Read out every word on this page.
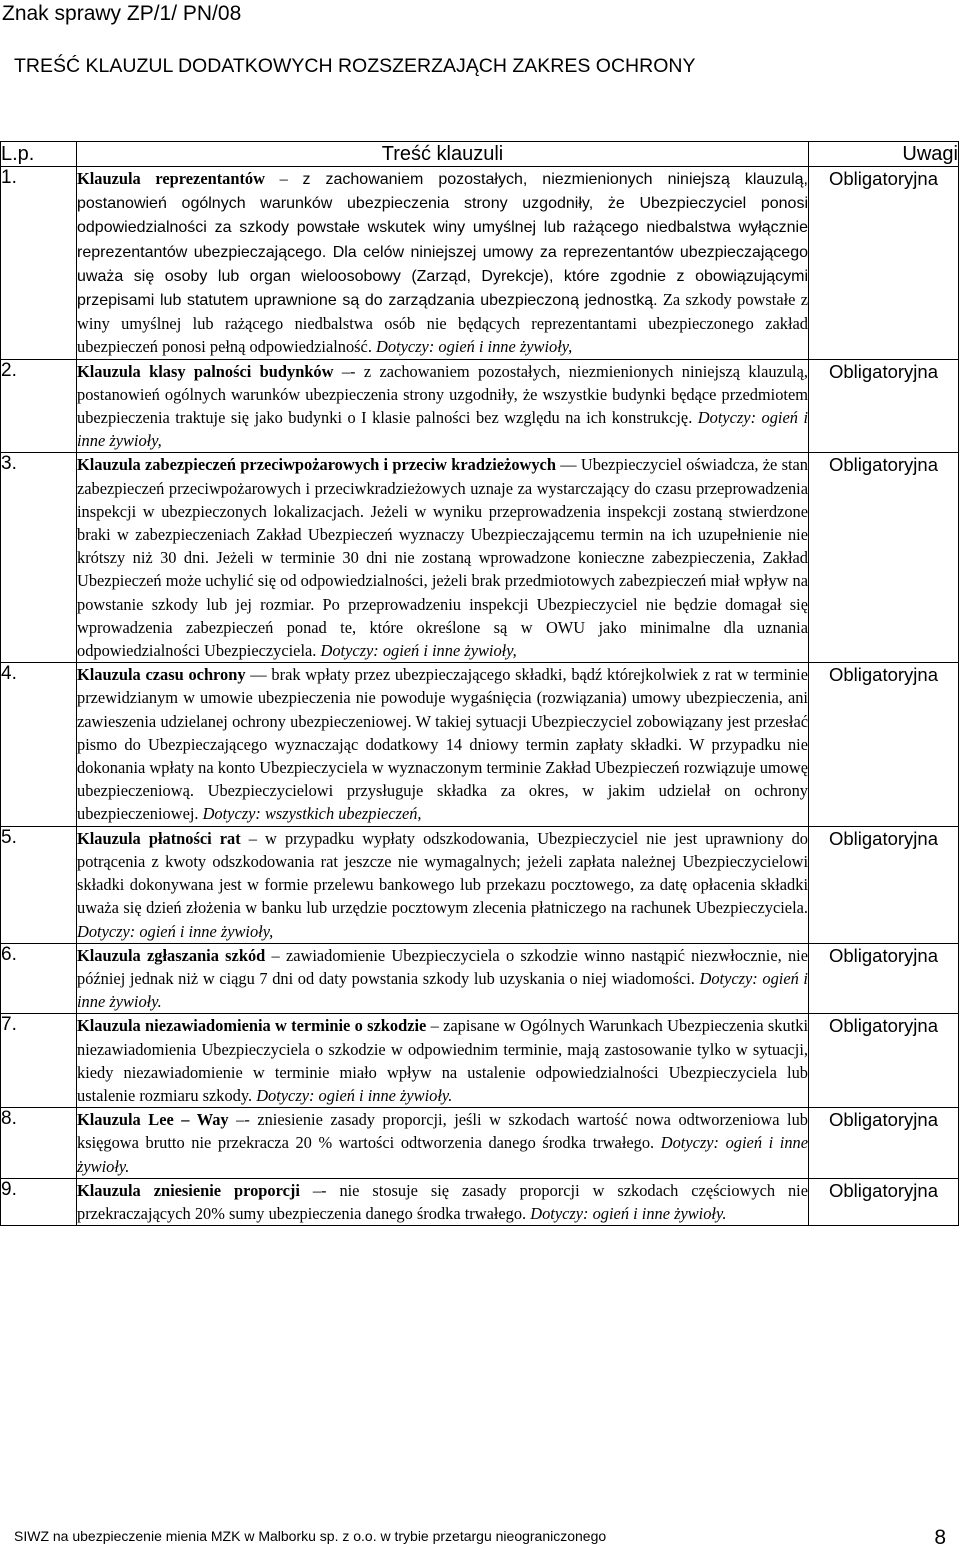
Znak sprawy ZP/1/ PN/08
TREŚĆ KLAUZUL DODATKOWYCH ROZSZERZAJĄCH ZAKRES OCHRONY
L.p.	Treść klauzuli	Uwagi
1.	Klauzula reprezentantów – z zachowaniem pozostałych, niezmienionych niniejszą klauzulą, postanowień ogólnych warunków ubezpieczenia strony uzgodniły, że Ubezpieczyciel ponosi odpowiedzialności za szkody powstałe wskutek winy umyślnej lub rażącego niedbalstwa wyłącznie reprezentantów ubezpieczającego. Dla celów niniejszej umowy za reprezentantów ubezpieczającego uważa się osoby lub organ wieloosobowy (Zarząd, Dyrekcje), które zgodnie z obowiązującymi przepisami lub statutem uprawnione są do zarządzania ubezpieczoną jednostką. Za szkody powstałe z winy umyślnej lub rażącego niedbalstwa osób nie będących reprezentantami ubezpieczonego zakład ubezpieczeń ponosi pełną odpowiedzialność. Dotyczy: ogień i inne żywioły,	Obligatoryjna
2.	Klauzula klasy palności budynków –- z zachowaniem pozostałych, niezmienionych niniejszą klauzulą, postanowień ogólnych warunków ubezpieczenia strony uzgodniły, że wszystkie budynki będące przedmiotem ubezpieczenia traktuje się jako budynki o I klasie palności bez względu na ich konstrukcję. Dotyczy: ogień i inne żywioły,	Obligatoryjna
3.	Klauzula zabezpieczeń przeciwpożarowych i przeciw kradzieżowych –– Ubezpieczyciel oświadcza, że stan zabezpieczeń przeciwpożarowych i przeciwkradzieżowych uznaje za wystarczający do czasu przeprowadzenia inspekcji w ubezpieczonych lokalizacjach. Jeżeli w wyniku przeprowadzenia inspekcji zostaną stwierdzone braki w zabezpieczeniach Zakład Ubezpieczeń wyznaczy Ubezpieczającemu termin na ich uzupełnienie nie krótszy niż 30 dni. Jeżeli w terminie 30 dni nie zostaną wprowadzone konieczne zabezpieczenia, Zakład Ubezpieczeń może uchylić się od odpowiedzialności, jeżeli brak przedmiotowych zabezpieczeń miał wpływ na powstanie szkody lub jej rozmiar. Po przeprowadzeniu inspekcji Ubezpieczyciel nie będzie domagał się wprowadzenia zabezpieczeń ponad te, które określone są w OWU jako minimalne dla uznania odpowiedzialności Ubezpieczyciela. Dotyczy: ogień i inne żywioły,	Obligatoryjna
4.	Klauzula czasu ochrony –– brak wpłaty przez ubezpieczającego składki, bądź którejkolwiek z rat w terminie przewidzianym w umowie ubezpieczenia nie powoduje wygaśnięcia (rozwiązania) umowy ubezpieczenia, ani zawieszenia udzielanej ochrony ubezpieczeniowej. W takiej sytuacji Ubezpieczyciel zobowiązany jest przesłać pismo do Ubezpieczającego wyznaczając dodatkowy 14 dniowy termin zapłaty składki. W przypadku nie dokonania wpłaty na konto Ubezpieczyciela w wyznaczonym terminie Zakład Ubezpieczeń rozwiązuje umowę ubezpieczeniową. Ubezpieczycielowi przysługuje składka za okres, w jakim udzielał on ochrony ubezpieczeniowej. Dotyczy: wszystkich ubezpieczeń,	Obligatoryjna
5.	Klauzula płatności rat – w przypadku wypłaty odszkodowania, Ubezpieczyciel nie jest uprawniony do potrącenia z kwoty odszkodowania rat jeszcze nie wymagalnych; jeżeli zapłata należnej Ubezpieczycielowi składki dokonywana jest w formie przelewu bankowego lub przekazu pocztowego, za datę opłacenia składki uważa się dzień złożenia w banku lub urzędzie pocztowym zlecenia płatniczego na rachunek Ubezpieczyciela. Dotyczy: ogień i inne żywioły,	Obligatoryjna
6.	Klauzula zgłaszania szkód – zawiadomienie Ubezpieczyciela o szkodzie winno nastąpić niezwłocznie, nie później jednak niż w ciągu 7 dni od daty powstania szkody lub uzyskania o niej wiadomości. Dotyczy: ogień i inne żywioły.	Obligatoryjna
7.	Klauzula niezawiadomienia w terminie o szkodzie – zapisane w Ogólnych Warunkach Ubezpieczenia skutki niezawiadomienia Ubezpieczyciela o szkodzie w odpowiednim terminie, mają zastosowanie tylko w sytuacji, kiedy niezawiadomienie w terminie miało wpływ na ustalenie odpowiedzialności Ubezpieczyciela lub ustalenie rozmiaru szkody. Dotyczy: ogień i inne żywioły.	Obligatoryjna
8.	Klauzula Lee – Way –- zniesienie zasady proporcji, jeśli w szkodach wartość nowa odtworzeniowa lub księgowa brutto nie przekracza 20 % wartości odtworzenia danego środka trwałego. Dotyczy: ogień i inne żywioły.	Obligatoryjna
9.	Klauzula zniesienie proporcji –- nie stosuje się zasady proporcji w szkodach częściowych nie przekraczających 20% sumy ubezpieczenia danego środka trwałego. Dotyczy: ogień i inne żywioły.	Obligatoryjna
SIWZ na ubezpieczenie mienia MZK w Malborku sp. z o.o. w trybie przetargu nieograniczonego	8
